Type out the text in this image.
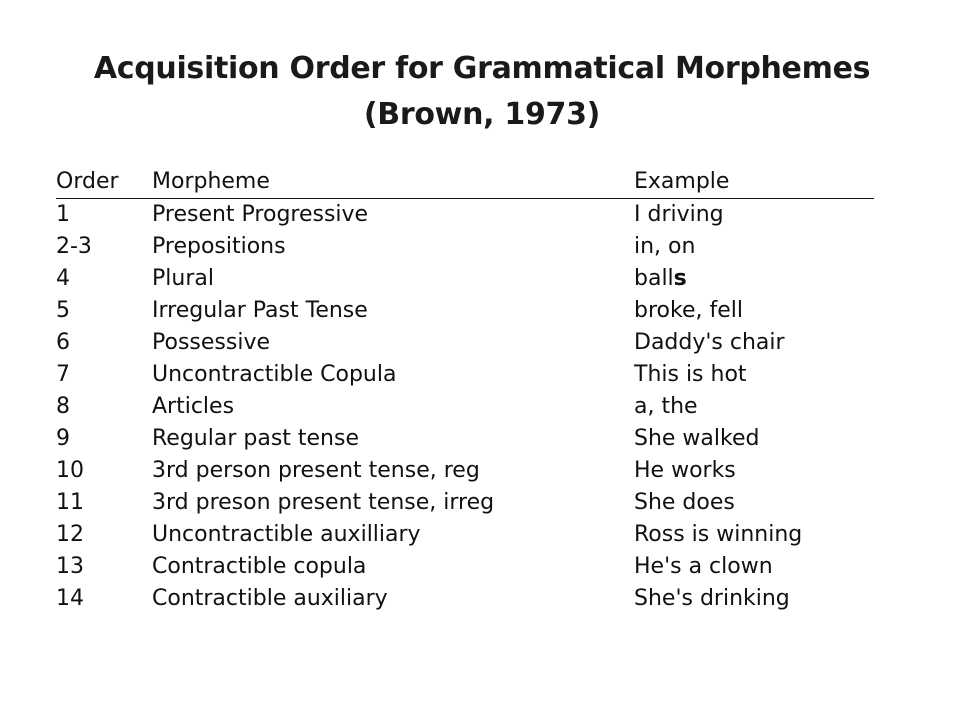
Acquisition Order for Grammatical Morphemes
(Brown, 1973)
Order	Morpheme	Example
1	Present Progressive	I driving
2-3	Prepositions	in, on
4	Plural	balls
5	Irregular Past Tense	broke, fell
6	Possessive	Daddy's chair
7	Uncontractible Copula	This is hot
8	Articles	a, the
9	Regular past tense	She walked
10	3rd person present tense, reg	He works
11	3rd preson present tense, irreg	She does
12	Uncontractible auxilliary	Ross is winning
13	Contractible copula	He's a clown
14	Contractible auxiliary	She's drinking
